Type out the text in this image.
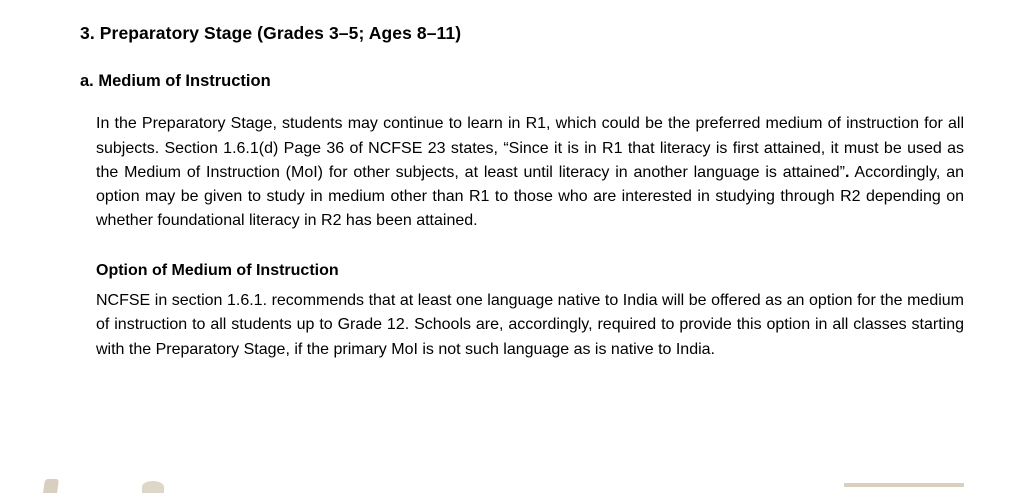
3. Preparatory Stage (Grades 3–5; Ages 8–11)
a. Medium of Instruction

In the Preparatory Stage, students may continue to learn in R1, which could be the preferred medium of instruction for all subjects. Section 1.6.1(d) Page 36 of NCFSE 23 states, “Since it is in R1 that literacy is first attained, it must be used as the Medium of Instruction (MoI) for other subjects, at least until literacy in another language is attained”. Accordingly, an option may be given to study in medium other than R1 to those who are interested in studying through R2 depending on whether foundational literacy in R2 has been attained.

Option of Medium of Instruction

NCFSE in section 1.6.1. recommends that at least one language native to India will be offered as an option for the medium of instruction to all students up to Grade 12. Schools are, accordingly, required to provide this option in all classes starting with the Preparatory Stage, if the primary MoI is not such language as is native to India.
